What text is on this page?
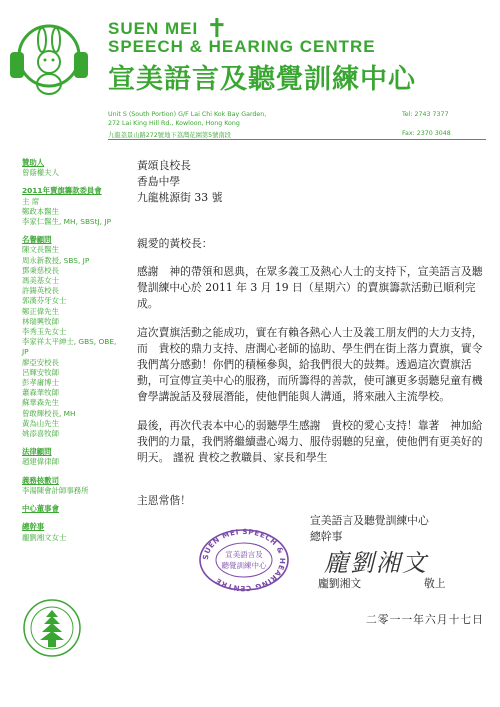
SUEN MEI ✝

SPEECH & HEARING CENTRE

宣美語言及聽覺訓練中心

Unit S (South Portion) G/F Lai Chi Kok Bay Garden,

272 Lai King Hill Rd., Kowloon, Hong Kong

九龍荔景山路272號地下荔灣花園第5號南段

Tel: 2743 7377

Fax: 2370 3048

贊助人
曾蔭權夫人
2011年賣旗籌款委員會
主 席
鄭政本醫生
李家仁醫生, MH, SBStJ, JP
名譽顧問
陳文長醫生
周永新教授, SBS, JP
鄧秉慈校長
馮美基女士
許鍚英校長
郭漢芬牙女士
鄭正偉先生
林瑞興牧師
李秀玉先女士
李家祥太平紳士, GBS, OBE, JP
廖亞安校長
呂輝安牧師
彭孝庸博士
蕭森華牧師
蘇華森先生
曾敢輝校長, MH
黃為山先生
姚添喜牧師
法律顧問
趙建偉律師
義務核數司
李湯陳會計師事務所
中心董事會
總幹事
龐劉湘文女士

黃頌良校長

香島中學

九龍桃源街 33 號

親愛的黃校長：

感謝　神的帶領和恩典，在眾多義工及熱心人士的支持下，宣美語言及聽覺訓練中心於 2011 年 3 月 19 日（星期六）的賣旗籌款活動已順利完成。

這次賣旗活動之能成功，實在有賴各熱心人士及義工朋友們的大力支持，而　貴校的鼎力支持、唐潤心老師的協助、學生們在街上落力賣旗，實令我們萬分感動！你們的積極參與，給我們很大的鼓舞。透過這次賣旗活動，可宣傳宣美中心的服務，而所籌得的善款，使可讓更多弱聽兒童有機會學講說話及發展潛能，使他們能與人溝通，將來融入主流學校。

最後，再次代表本中心的弱聽學生感謝　貴校的愛心支持！靠著　神加給我們的力量，我們將繼續盡心竭力、服侍弱聽的兒童，使他們有更美好的明天。 謹祝 貴校之教職員、家長和學生

主恩常偕！

宣美語言及聽覺訓練中心
總幹事
SUEN MEI SPEECH & HEARING CENTRE
宣美語言及
聽覺訓練中心 龐劉湘文

龐劉湘文	敬上

二零一一年六月十七日
